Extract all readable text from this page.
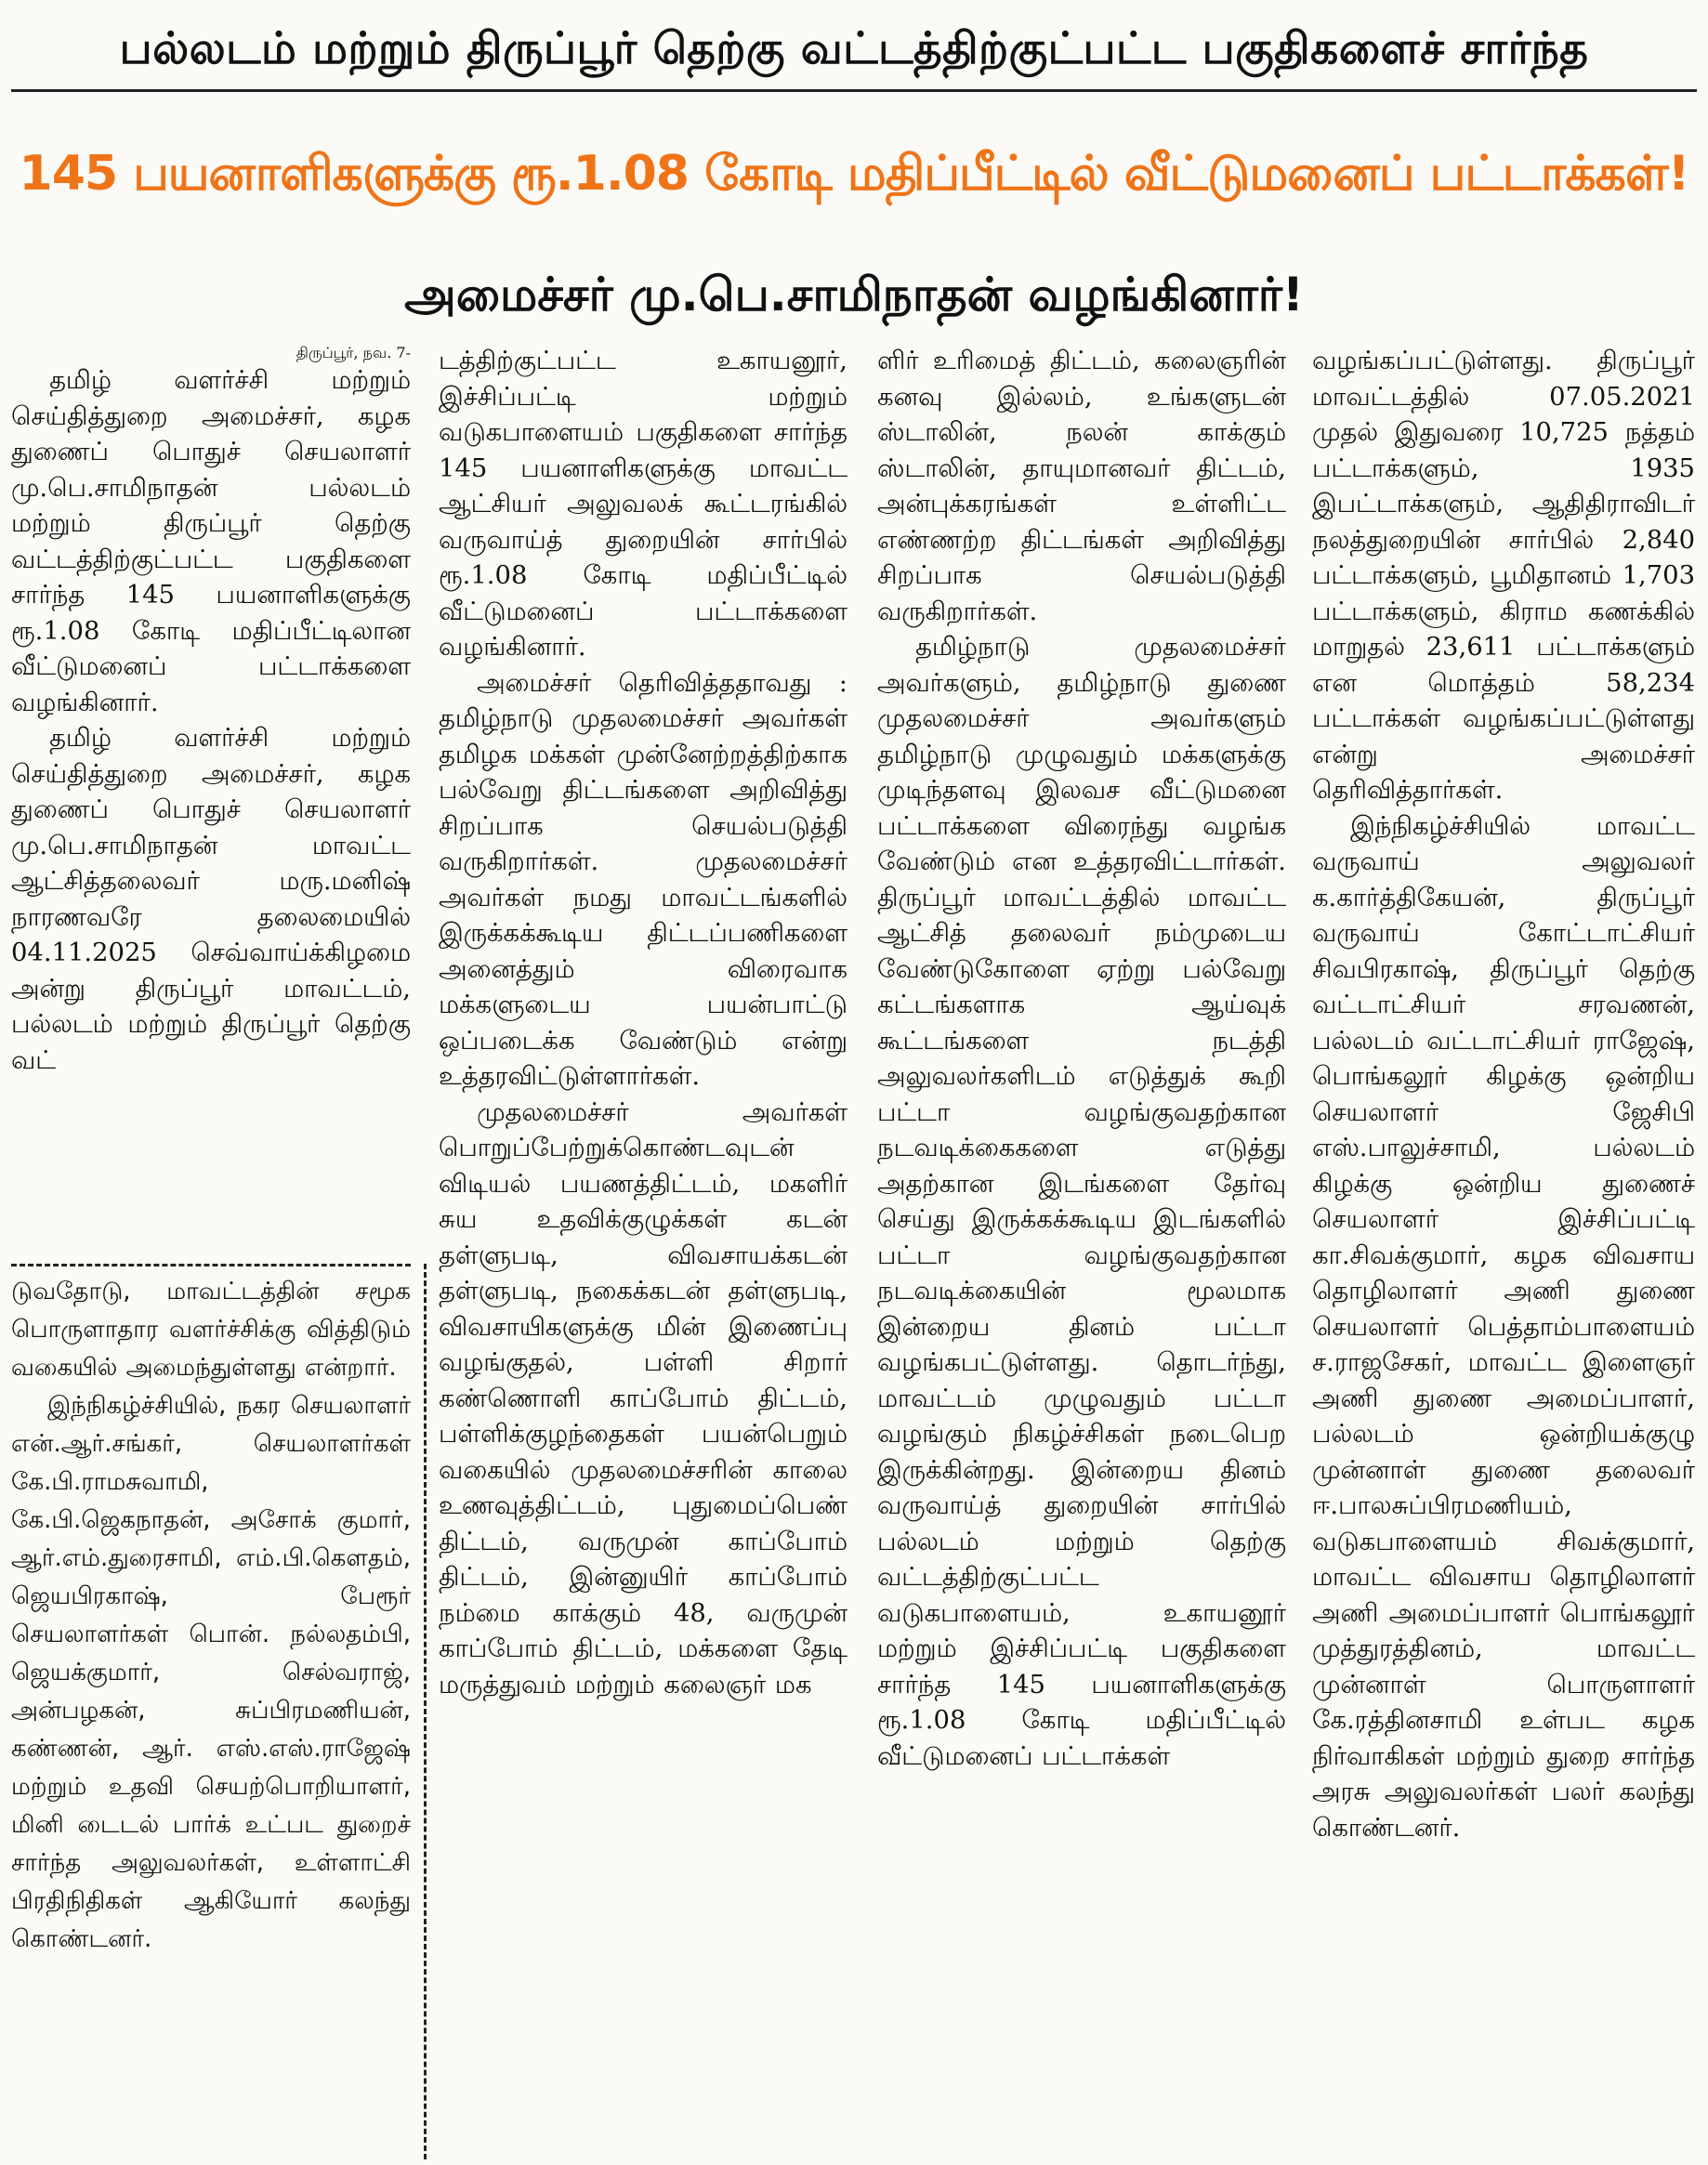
பல்லடம் மற்றும் திருப்பூர் தெற்கு வட்டத்திற்குட்பட்ட பகுதிகளைச் சார்ந்த
145 பயனாளிகளுக்கு ரூ.1.08 கோடி மதிப்பீட்டில் வீட்டுமனைப் பட்டாக்கள்!
அமைச்சர் மு.பெ.சாமிநாதன் வழங்கினார்!
திருப்பூர், நவ. 7-

தமிழ் வளர்ச்சி மற்றும் செய்தித்துறை அமைச்சர், கழக துணைப் பொதுச் செயலாளர் மு.பெ.சாமிநாதன் பல்லடம் மற்றும் திருப்பூர் தெற்கு வட்டத்திற்குட்பட்ட பகுதிகளை சார்ந்த 145 பயனாளிகளுக்கு ரூ.1.08 கோடி மதிப்பீட்டிலான வீட்டுமனைப் பட்டாக்களை வழங்கினார்.

தமிழ் வளர்ச்சி மற்றும் செய்தித்துறை அமைச்சர், கழக துணைப் பொதுச் செயலாளர் மு.பெ.சாமிநாதன் மாவட்ட ஆட்சித்தலைவர் மரு.மனிஷ் நாரணவரே தலைமையில் 04.11.2025 செவ்வாய்க்கிழமை அன்று திருப்பூர் மாவட்டம், பல்லடம் மற்றும் திருப்பூர் தெற்கு வட்

டுவதோடு, மாவட்டத்தின் சமூக பொருளாதார வளர்ச்சிக்கு வித்திடும் வகையில் அமைந்துள்ளது என்றார்.

இந்நிகழ்ச்சியில், நகர செயலாளர் என்.ஆர்.சங்கர், செயலாளர்கள் கே.பி.ராமசுவாமி, கே.பி.ஜெகநாதன், அசோக் குமார், ஆர்.எம்.துரைசாமி, எம்.பி.கௌதம், ஜெயபிரகாஷ், பேரூர் செயலாளர்கள் பொன். நல்லதம்பி, ஜெயக்குமார், செல்வராஜ், அன்பழகன், சுப்பிரமணியன், கண்ணன், ஆர். எஸ்.எஸ்.ராஜேஷ் மற்றும் உதவி செயற்பொறியாளர், மினி டைடல் பார்க் உட்பட துறைச் சார்ந்த அலுவலர்கள், உள்ளாட்சி பிரதிநிதிகள் ஆகியோர் கலந்து கொண்டனர்.

டத்திற்குட்பட்ட உகாயனூர், இச்சிப்பட்டி மற்றும் வடுகபாளையம் பகுதிகளை சார்ந்த 145 பயனாளிகளுக்கு மாவட்ட ஆட்சியர் அலுவலக் கூட்டரங்கில் வருவாய்த் துறையின் சார்பில் ரூ.1.08 கோடி மதிப்பீட்டில் வீட்டுமனைப் பட்டாக்களை வழங்கினார்.

அமைச்சர் தெரிவித்ததாவது : தமிழ்நாடு முதலமைச்சர் அவர்கள் தமிழக மக்கள் முன்னேற்றத்திற்காக பல்வேறு திட்டங்களை அறிவித்து சிறப்பாக செயல்படுத்தி வருகிறார்கள். முதலமைச்சர் அவர்கள் நமது மாவட்டங்களில் இருக்கக்கூடிய திட்டப்பணிகளை அனைத்தும் விரைவாக மக்களுடைய பயன்பாட்டு ஒப்படைக்க வேண்டும் என்று உத்தரவிட்டுள்ளார்கள்.

முதலமைச்சர் அவர்கள் பொறுப்பேற்றுக்கொண்டவுடன் விடியல் பயணத்திட்டம், மகளிர் சுய உதவிக்குழுக்கள் கடன் தள்ளுபடி, விவசாயக்கடன் தள்ளுபடி, நகைக்கடன் தள்ளுபடி, விவசாயிகளுக்கு மின் இணைப்பு வழங்குதல், பள்ளி சிறார் கண்ணொளி காப்போம் திட்டம், பள்ளிக்குழந்தைகள் பயன்பெறும் வகையில் முதலமைச்சரின் காலை உணவுத்திட்டம், புதுமைப்பெண் திட்டம், வருமுன் காப்போம் திட்டம், இன்னுயிர் காப்போம் நம்மை காக்கும் 48, வருமுன் காப்போம் திட்டம், மக்களை தேடி மருத்துவம் மற்றும் கலைஞர் மக

ளிர் உரிமைத் திட்டம், கலைஞரின் கனவு இல்லம், உங்களுடன் ஸ்டாலின், நலன் காக்கும் ஸ்டாலின், தாயுமானவர் திட்டம், அன்புக்கரங்கள் உள்ளிட்ட எண்ணற்ற திட்டங்கள் அறிவித்து சிறப்பாக செயல்படுத்தி வருகிறார்கள்.

தமிழ்நாடு முதலமைச்சர் அவர்களும், தமிழ்நாடு துணை முதலமைச்சர் அவர்களும் தமிழ்நாடு முழுவதும் மக்களுக்கு முடிந்தளவு இலவச வீட்டுமனை பட்டாக்களை விரைந்து வழங்க வேண்டும் என உத்தரவிட்டார்கள். திருப்பூர் மாவட்டத்தில் மாவட்ட ஆட்சித் தலைவர் நம்முடைய வேண்டுகோளை ஏற்று பல்வேறு கட்டங்களாக ஆய்வுக் கூட்டங்களை நடத்தி அலுவலர்களிடம் எடுத்துக் கூறி பட்டா வழங்குவதற்கான நடவடிக்கைகளை எடுத்து அதற்கான இடங்களை தேர்வு செய்து இருக்கக்கூடிய இடங்களில் பட்டா வழங்குவதற்கான நடவடிக்கையின் மூலமாக இன்றைய தினம் பட்டா வழங்கபட்டுள்ளது. தொடர்ந்து, மாவட்டம் முழுவதும் பட்டா வழங்கும் நிகழ்ச்சிகள் நடைபெற இருக்கின்றது. இன்றைய தினம் வருவாய்த் துறையின் சார்பில் பல்லடம் மற்றும் தெற்கு வட்டத்திற்குட்பட்ட வடுகபாளையம், உகாயனூர் மற்றும் இச்சிப்பட்டி பகுதிகளை சார்ந்த 145 பயனாளிகளுக்கு ரூ.1.08 கோடி மதிப்பீட்டில் வீட்டுமனைப் பட்டாக்கள்

வழங்கப்பட்டுள்ளது. திருப்பூர் மாவட்டத்தில் 07.05.2021 முதல் இதுவரை 10,725 நத்தம் பட்டாக்களும், 1935 இபட்டாக்களும், ஆதிதிராவிடர் நலத்துறையின் சார்பில் 2,840 பட்டாக்களும், பூமிதானம் 1,703 பட்டாக்களும், கிராம கணக்கில் மாறுதல் 23,611 பட்டாக்களும் என மொத்தம் 58,234 பட்டாக்கள் வழங்கப்பட்டுள்ளது என்று அமைச்சர் தெரிவித்தார்கள்.

இந்நிகழ்ச்சியில் மாவட்ட வருவாய் அலுவலர் க.கார்த்திகேயன், திருப்பூர் வருவாய் கோட்டாட்சியர் சிவபிரகாஷ், திருப்பூர் தெற்கு வட்டாட்சியர் சரவணன், பல்லடம் வட்டாட்சியர் ராஜேஷ், பொங்கலூர் கிழக்கு ஒன்றிய செயலாளர் ஜேசிபி எஸ்.பாலுச்சாமி, பல்லடம் கிழக்கு ஒன்றிய துணைச் செயலாளர் இச்சிப்பட்டி கா.சிவக்குமார், கழக விவசாய தொழிலாளர் அணி துணை செயலாளர் பெத்தாம்பாளையம் ச.ராஜசேகர், மாவட்ட இளைஞர் அணி துணை அமைப்பாளர், பல்லடம் ஒன்றியக்குழு முன்னாள் துணை தலைவர் ஈ.பாலசுப்பிரமணியம், வடுகபாளையம் சிவக்குமார், மாவட்ட விவசாய தொழிலாளர் அணி அமைப்பாளர் பொங்கலூர் முத்துரத்தினம், மாவட்ட முன்னாள் பொருளாளர் கே.ரத்தினசாமி உள்பட கழக நிர்வாகிகள் மற்றும் துறை சார்ந்த அரசு அலுவலர்கள் பலர் கலந்து கொண்டனர்.
